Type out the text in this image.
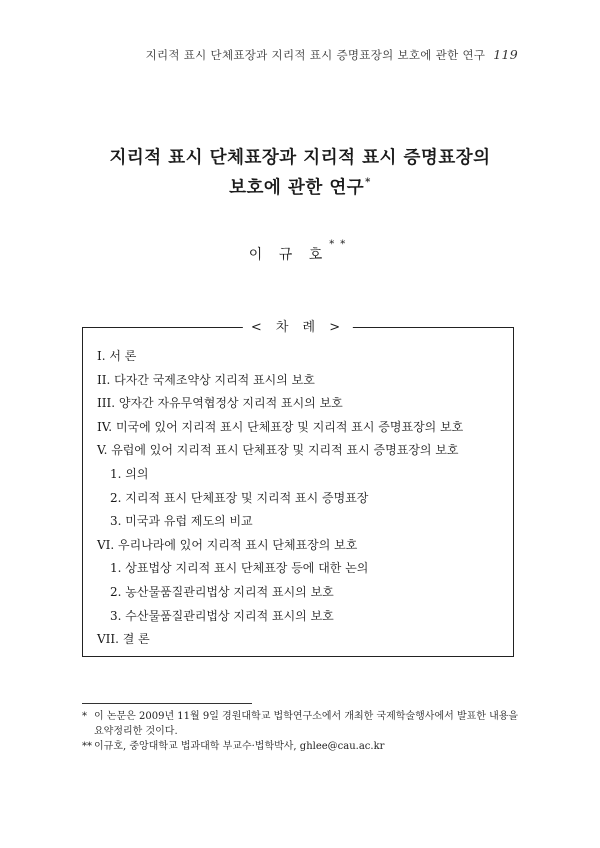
지리적 표시 단체표장과 지리적 표시 증명표장의 보호에 관한 연구 119
지리적 표시 단체표장과 지리적 표시 증명표장의
보호에 관한 연구*
이 규 호**
< 차 례 >
I. 서 론
II. 다자간 국제조약상 지리적 표시의 보호
III. 양자간 자유무역협정상 지리적 표시의 보호
IV. 미국에 있어 지리적 표시 단체표장 및 지리적 표시 증명표장의 보호
V. 유럽에 있어 지리적 표시 단체표장 및 지리적 표시 증명표장의 보호
1. 의의
2. 지리적 표시 단체표장 및 지리적 표시 증명표장
3. 미국과 유럽 제도의 비교
VI. 우리나라에 있어 지리적 표시 단체표장의 보호
1. 상표법상 지리적 표시 단체표장 등에 대한 논의
2. 농산물품질관리법상 지리적 표시의 보호
3. 수산물품질관리법상 지리적 표시의 보호
VII. 결 론

* 이 논문은 2009년 11월 9일 경원대학교 법학연구소에서 개최한 국제학술행사에서 발표한 내용을 요약정리한 것이다.

** 이규호, 중앙대학교 법과대학 부교수·법학박사, ghlee@cau.ac.kr
